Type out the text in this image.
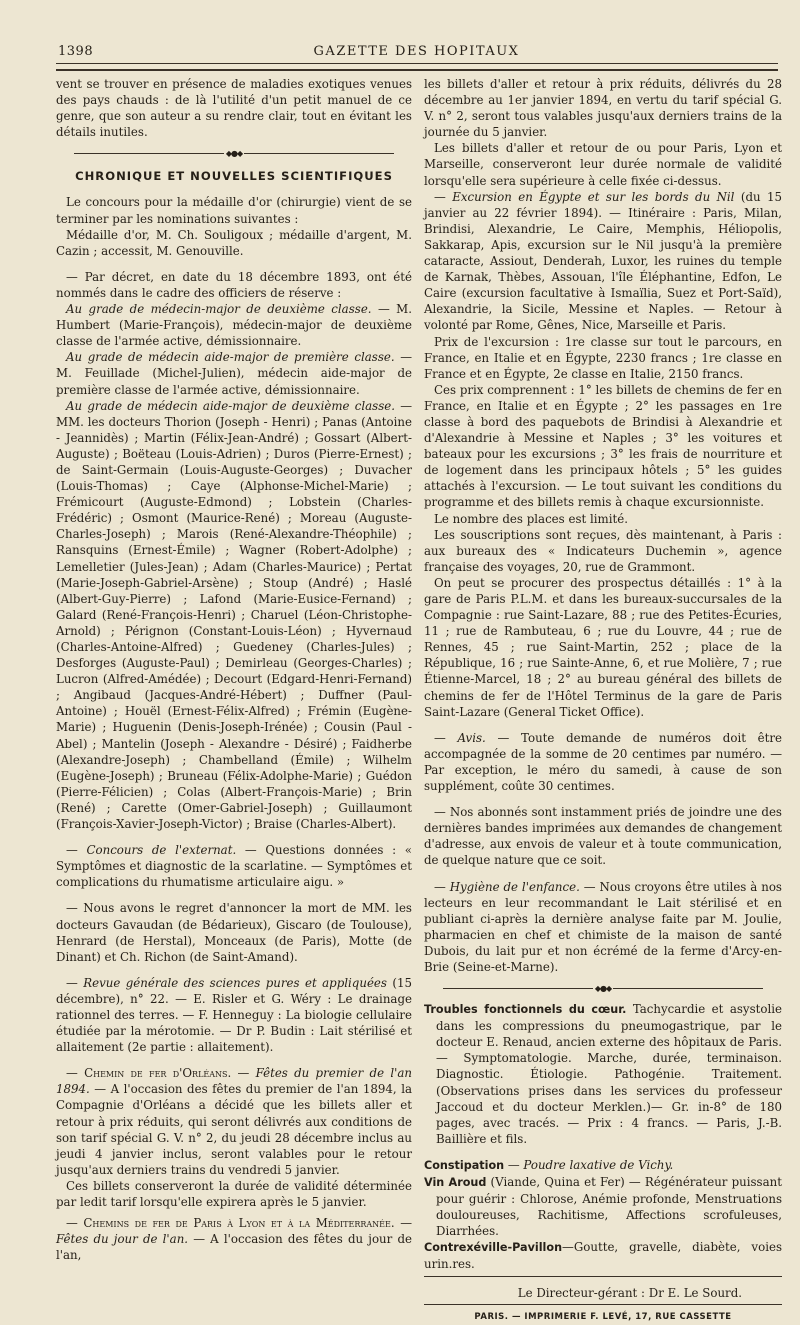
1398	GAZETTE DES HOPITAUX

vent se trouver en présence de maladies exotiques venues des pays chauds : de là l'utilité d'un petit manuel de ce genre, que son auteur a su rendre clair, tout en évitant les détails inutiles.

◆●◆
CHRONIQUE ET NOUVELLES SCIENTIFIQUES

Le concours pour la médaille d'or (chirurgie) vient de se terminer par les nominations suivantes :

Médaille d'or, M. Ch. Souligoux ; médaille d'argent, M. Cazin ; accessit, M. Genouville.

— Par décret, en date du 18 décembre 1893, ont été nommés dans le cadre des officiers de réserve :

Au grade de médecin-major de deuxième classe. — M. Humbert (Marie-François), médecin-major de deuxième classe de l'armée active, démissionnaire.

Au grade de médecin aide-major de première classe. — M. Feuillade (Michel-Julien), médecin aide-major de première classe de l'armée active, démissionnaire.

Au grade de médecin aide-major de deuxième classe. — MM. les docteurs Thorion (Joseph - Henri) ; Panas (Antoine - Jeannidès) ; Martin (Félix-Jean-André) ; Gossart (Albert-Auguste) ; Boëteau (Louis-Adrien) ; Duros (Pierre-Ernest) ; de Saint-Germain (Louis-Auguste-Georges) ; Duvacher (Louis-Thomas) ; Caye (Alphonse-Michel-Marie) ; Frémicourt (Auguste-Edmond) ; Lobstein (Charles-Frédéric) ; Osmont (Maurice-René) ; Moreau (Auguste-Charles-Joseph) ; Marois (René-Alexandre-Théophile) ; Ransquins (Ernest-Émile) ; Wagner (Robert-Adolphe) ; Lemelletier (Jules-Jean) ; Adam (Charles-Maurice) ; Pertat (Marie-Joseph-Gabriel-Arsène) ; Stoup (André) ; Haslé (Albert-Guy-Pierre) ; Lafond (Marie-Eusice-Fernand) ; Galard (René-François-Henri) ; Charuel (Léon-Christophe-Arnold) ; Pérignon (Constant-Louis-Léon) ; Hyvernaud (Charles-Antoine-Alfred) ; Guedeney (Charles-Jules) ; Desforges (Auguste-Paul) ; Demirleau (Georges-Charles) ; Lucron (Alfred-Amédée) ; Decourt (Edgard-Henri-Fernand) ; Angibaud (Jacques-André-Hébert) ; Duffner (Paul-Antoine) ; Houël (Ernest-Félix-Alfred) ; Frémin (Eugène-Marie) ; Huguenin (Denis-Joseph-Irénée) ; Cousin (Paul - Abel) ; Mantelin (Joseph - Alexandre - Désiré) ; Faidherbe (Alexandre-Joseph) ; Chambelland (Émile) ; Wilhelm (Eugène-Joseph) ; Bruneau (Félix-Adolphe-Marie) ; Guédon (Pierre-Félicien) ; Colas (Albert-François-Marie) ; Brin (René) ; Carette (Omer-Gabriel-Joseph) ; Guillaumont (François-Xavier-Joseph-Victor) ; Braise (Charles-Albert).

— Concours de l'externat. — Questions données : « Symptômes et diagnostic de la scarlatine. — Symptômes et complications du rhumatisme articulaire aigu. »

— Nous avons le regret d'annoncer la mort de MM. les docteurs Gavaudan (de Bédarieux), Giscaro (de Toulouse), Henrard (de Herstal), Monceaux (de Paris), Motte (de Dinant) et Ch. Richon (de Saint-Amand).

— Revue générale des sciences pures et appliquées (15 décembre), n° 22. — E. Risler et G. Wéry : Le drainage rationnel des terres. — F. Henneguy : La biologie cellulaire étudiée par la mérotomie. — Dr P. Budin : Lait stérilisé et allaitement (2e partie : allaitement).

— Chemin de fer d'Orléans. — Fêtes du premier de l'an 1894. — A l'occasion des fêtes du premier de l'an 1894, la Compagnie d'Orléans a décidé que les billets aller et retour à prix réduits, qui seront délivrés aux conditions de son tarif spécial G. V. n° 2, du jeudi 28 décembre inclus au jeudi 4 janvier inclus, seront valables pour le retour jusqu'aux derniers trains du vendredi 5 janvier.

Ces billets conserveront la durée de validité déterminée par ledit tarif lorsqu'elle expirera après le 5 janvier.

— Chemins de fer de Paris à Lyon et à la Méditerranée. — Fêtes du jour de l'an. — A l'occasion des fêtes du jour de l'an,

les billets d'aller et retour à prix réduits, délivrés du 28 décembre au 1er janvier 1894, en vertu du tarif spécial G. V. n° 2, seront tous valables jusqu'aux derniers trains de la journée du 5 janvier.

Les billets d'aller et retour de ou pour Paris, Lyon et Marseille, conserveront leur durée normale de validité lorsqu'elle sera supérieure à celle fixée ci-dessus.

— Excursion en Égypte et sur les bords du Nil (du 15 janvier au 22 février 1894). — Itinéraire : Paris, Milan, Brindisi, Alexandrie, Le Caire, Memphis, Héliopolis, Sakkarap, Apis, excursion sur le Nil jusqu'à la première cataracte, Assiout, Denderah, Luxor, les ruines du temple de Karnak, Thèbes, Assouan, l'île Éléphantine, Edfon, Le Caire (excursion facultative à Ismaïlia, Suez et Port-Saïd), Alexandrie, la Sicile, Messine et Naples. — Retour à volonté par Rome, Gênes, Nice, Marseille et Paris.

Prix de l'excursion : 1re classe sur tout le parcours, en France, en Italie et en Égypte, 2230 francs ; 1re classe en France et en Égypte, 2e classe en Italie, 2150 francs.

Ces prix comprennent : 1° les billets de chemins de fer en France, en Italie et en Égypte ; 2° les passages en 1re classe à bord des paquebots de Brindisi à Alexandrie et d'Alexandrie à Messine et Naples ; 3° les voitures et bateaux pour les excursions ; 3° les frais de nourriture et de logement dans les principaux hôtels ; 5° les guides attachés à l'excursion. — Le tout suivant les conditions du programme et des billets remis à chaque excursionniste.

Le nombre des places est limité.

Les souscriptions sont reçues, dès maintenant, à Paris : aux bureaux des « Indicateurs Duchemin », agence française des voyages, 20, rue de Grammont.

On peut se procurer des prospectus détaillés : 1° à la gare de Paris P.L.M. et dans les bureaux-succursales de la Compagnie : rue Saint-Lazare, 88 ; rue des Petites-Écuries, 11 ; rue de Rambuteau, 6 ; rue du Louvre, 44 ; rue de Rennes, 45 ; rue Saint-Martin, 252 ; place de la République, 16 ; rue Sainte-Anne, 6, et rue Molière, 7 ; rue Étienne-Marcel, 18 ; 2° au bureau général des billets de chemins de fer de l'Hôtel Terminus de la gare de Paris Saint-Lazare (General Ticket Office).

— Avis. — Toute demande de numéros doit être accompagnée de la somme de 20 centimes par numéro. — Par exception, le méro du samedi, à cause de son supplément, coûte 30 centimes.

— Nos abonnés sont instamment priés de joindre une des dernières bandes imprimées aux demandes de changement d'adresse, aux envois de valeur et à toute communication, de quelque nature que ce soit.

— Hygiène de l'enfance. — Nous croyons être utiles à nos lecteurs en leur recommandant le Lait stérilisé et en publiant ci-après la dernière analyse faite par M. Joulie, pharmacien en chef et chimiste de la maison de santé Dubois, du lait pur et non écrémé de la ferme d'Arcy-en-Brie (Seine-et-Marne).

◆●◆

Troubles fonctionnels du cœur. Tachycardie et asystolie dans les compressions du pneumogastrique, par le docteur E. Renaud, ancien externe des hôpitaux de Paris. — Symptomatologie. Marche, durée, terminaison. Diagnostic. Étiologie. Pathogénie. Traitement. (Observations prises dans les services du professeur Jaccoud et du docteur Merklen.)— Gr. in-8° de 180 pages, avec tracés. — Prix : 4 francs. — Paris, J.-B. Baillière et fils.

Constipation — Poudre laxative de Vichy.

Vin Aroud (Viande, Quina et Fer) — Régénérateur puissant pour guérir : Chlorose, Anémie profonde, Menstruations douloureuses, Rachitisme, Affections scrofuleuses, Diarrhées.

Contrexéville-Pavillon—Goutte, gravelle, diabète, voies urin.res.

Le Directeur-gérant : Dr E. Le Sourd.
PARIS. — IMPRIMERIE F. LEVÉ, 17, RUE CASSETTE
